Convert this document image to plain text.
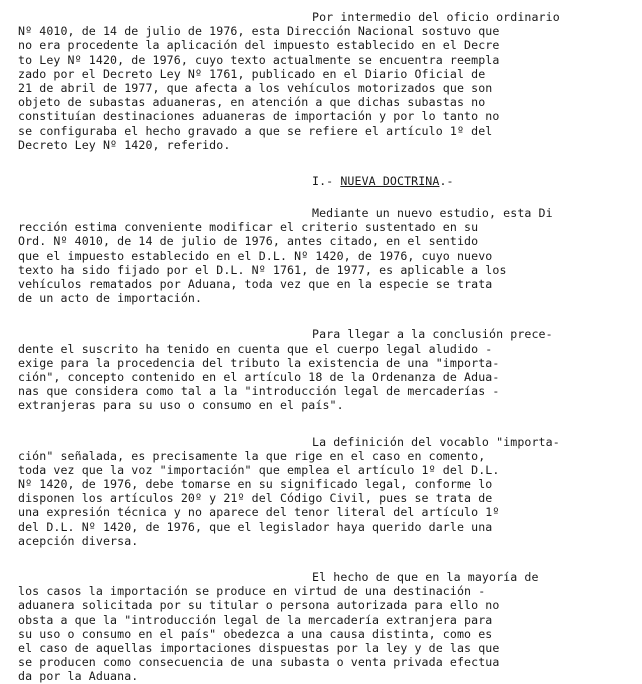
Por intermedio del oficio ordinario
Nº 4010, de 14 de julio de 1976, esta Dirección Nacional sostuvo que
no era procedente la aplicación del impuesto establecido en el Decre
to Ley Nº 1420, de 1976, cuyo texto actualmente se encuentra reempla
zado por el Decreto Ley Nº 1761, publicado en el Diario Oficial de
21 de abril de 1977, que afecta a los vehículos motorizados que son
objeto de subastas aduaneras, en atención a que dichas subastas no
constituían destinaciones aduaneras de importación y por lo tanto no
se configuraba el hecho gravado a que se refiere el artículo 1º del
Decreto Ley Nº 1420, referido.
I.- NUEVA DOCTRINA.-
Mediante un nuevo estudio, esta Di
rección estima conveniente modificar el criterio sustentado en su
Ord. Nº 4010, de 14 de julio de 1976, antes citado, en el sentido
que el impuesto establecido en el D.L. Nº 1420, de 1976, cuyo nuevo
texto ha sido fijado por el D.L. Nº 1761, de 1977, es aplicable a los
vehículos rematados por Aduana, toda vez que en la especie se trata
de un acto de importación.
Para llegar a la conclusión prece-
dente el suscrito ha tenido en cuenta que el cuerpo legal aludido -
exige para la procedencia del tributo la existencia de una "importa-
ción", concepto contenido en el artículo 18 de la Ordenanza de Adua-
nas que considera como tal a la "introducción legal de mercaderías -
extranjeras para su uso o consumo en el país".
La definición del vocablo "importa-
ción" señalada, es precisamente la que rige en el caso en comento,
toda vez que la voz "importación" que emplea el artículo 1º del D.L.
Nº 1420, de 1976, debe tomarse en su significado legal, conforme lo
disponen los artículos 20º y 21º del Código Civil, pues se trata de
una expresión técnica y no aparece del tenor literal del artículo 1º
del D.L. Nº 1420, de 1976, que el legislador haya querido darle una
acepción diversa.
El hecho de que en la mayoría de
los casos la importación se produce en virtud de una destinación -
aduanera solicitada por su titular o persona autorizada para ello no
obsta a que la "introducción legal de la mercadería extranjera para
su uso o consumo en el país" obedezca a una causa distinta, como es
el caso de aquellas importaciones dispuestas por la ley y de las que
se producen como consecuencia de una subasta o venta privada efectua
da por la Aduana.
